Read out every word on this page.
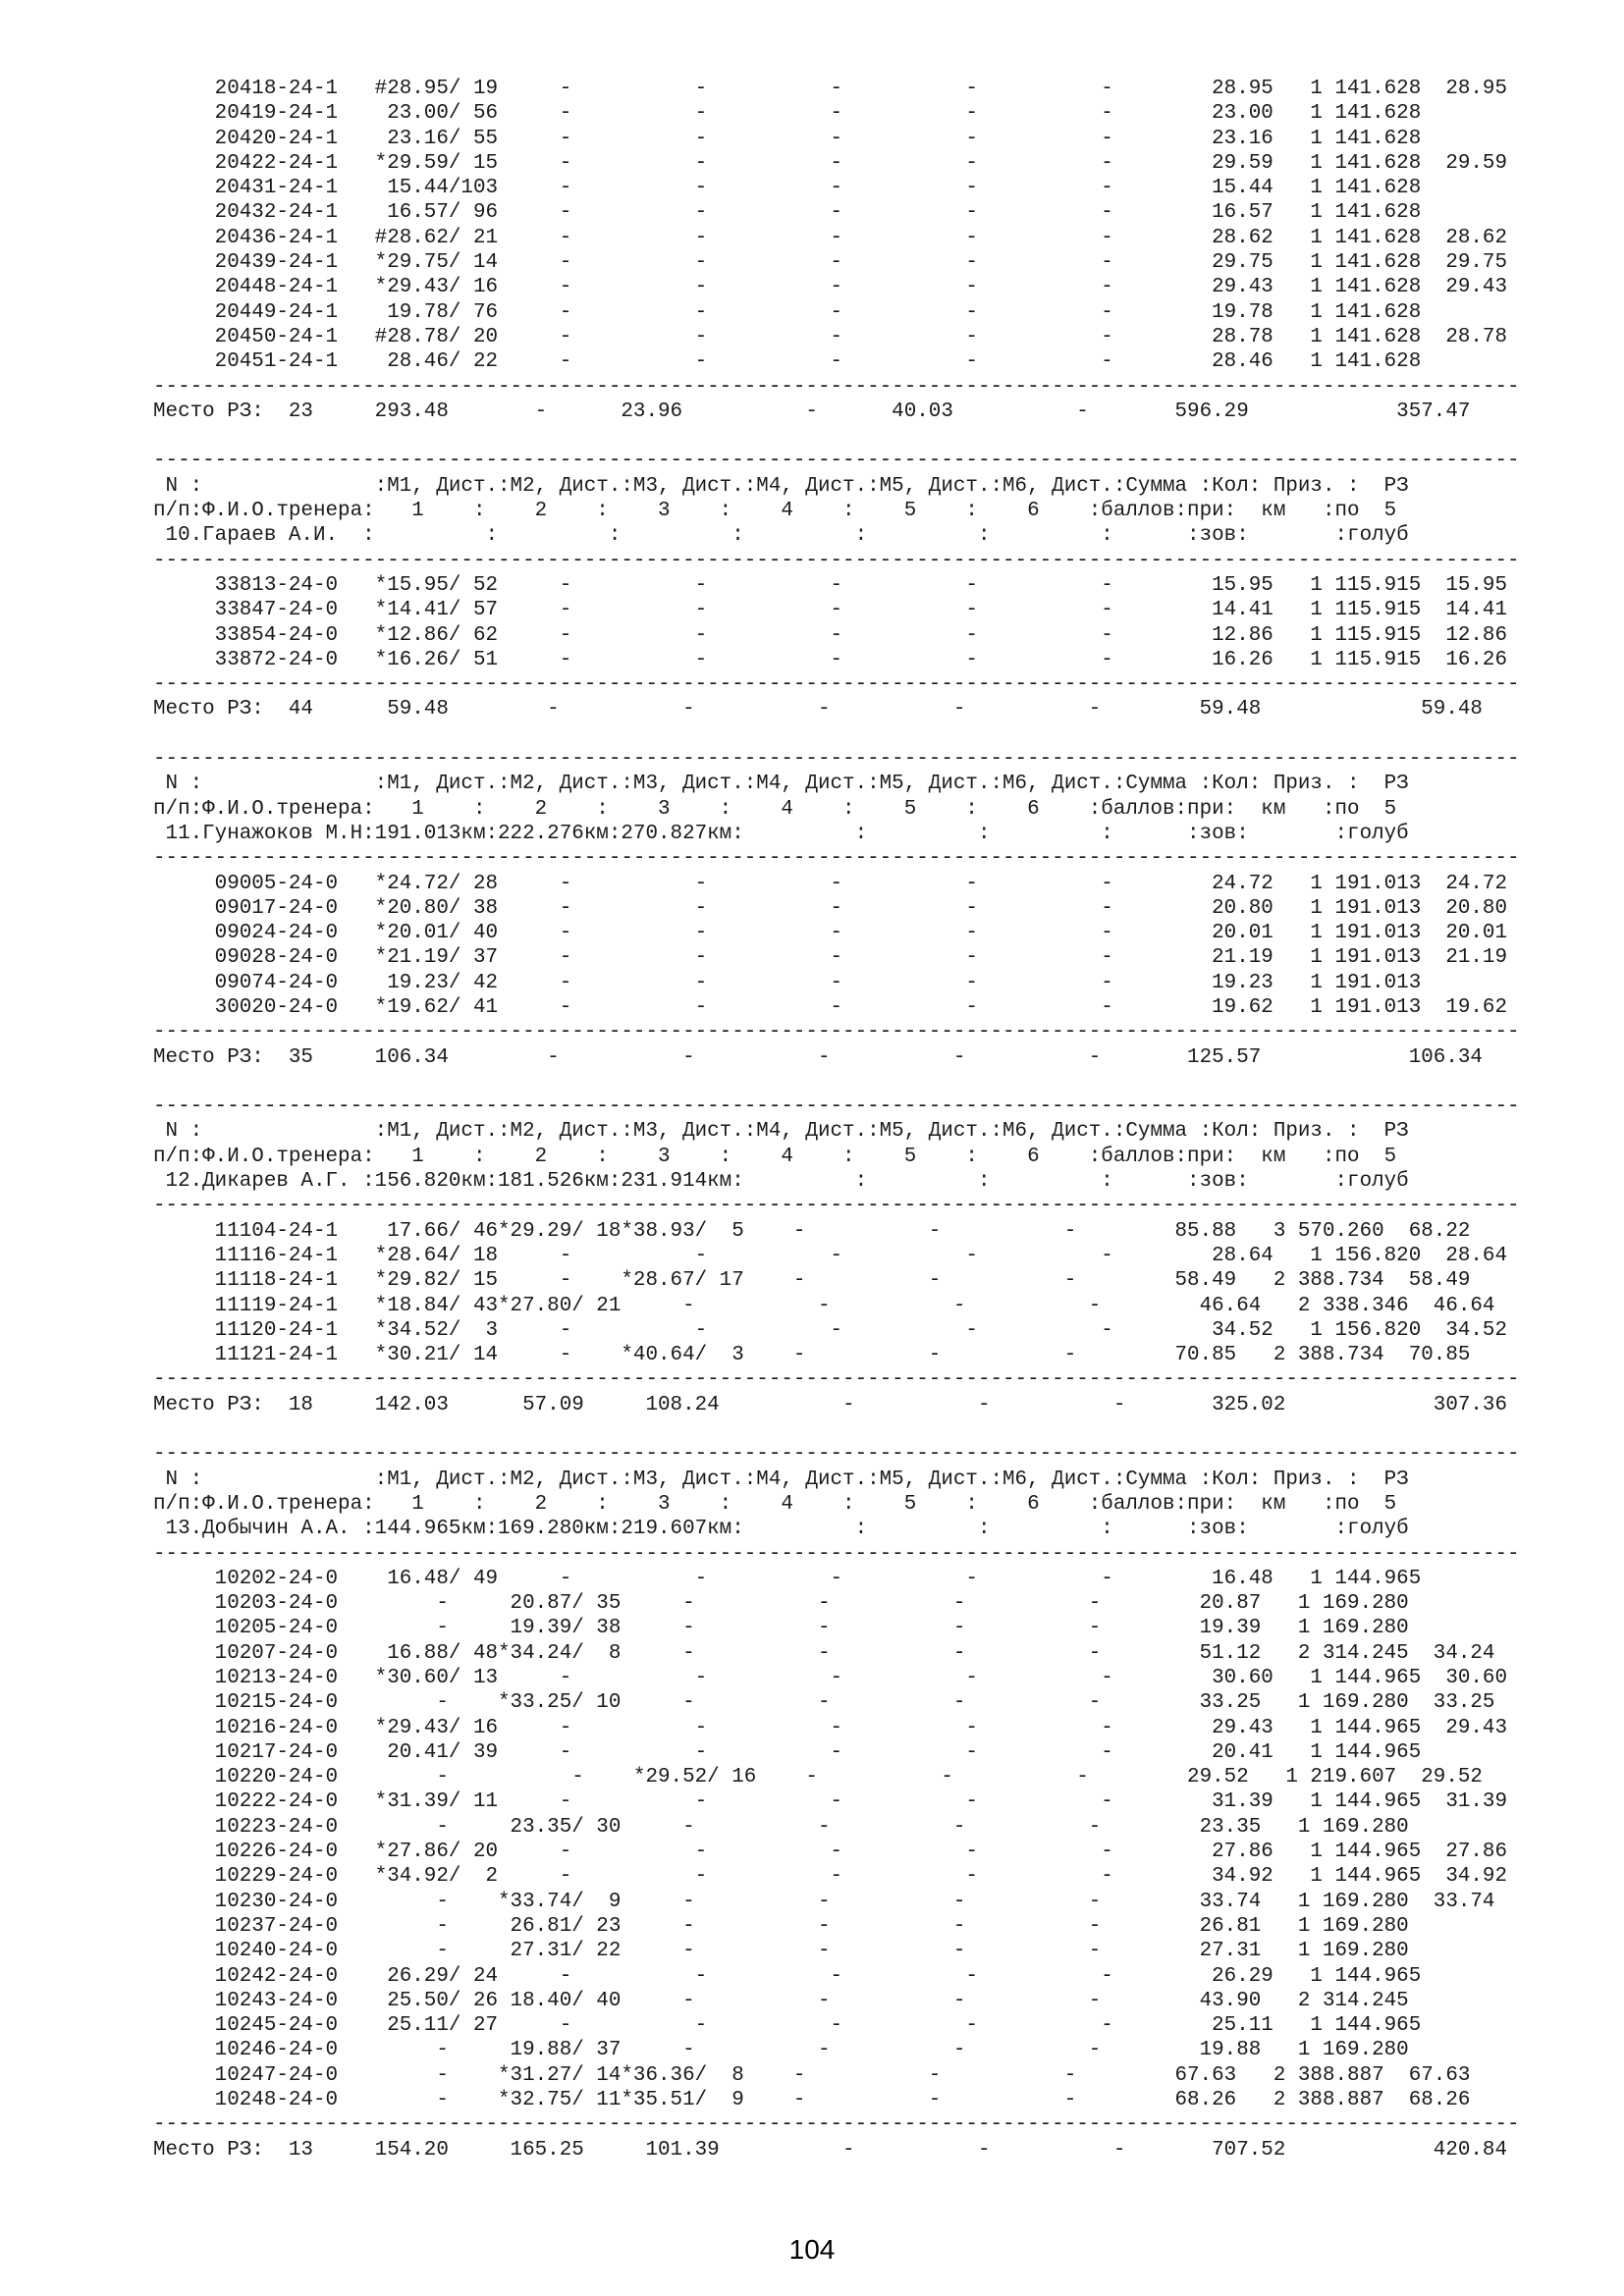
20418-24-1   #28.95/ 19     -          -          -          -          -        28.95   1 141.628  28.95
20419-24-1    23.00/ 56     -          -          -          -          -        23.00   1 141.628
20420-24-1    23.16/ 55     -          -          -          -          -        23.16   1 141.628
20422-24-1   *29.59/ 15     -          -          -          -          -        29.59   1 141.628  29.59
20431-24-1    15.44/103     -          -          -          -          -        15.44   1 141.628
20432-24-1    16.57/ 96     -          -          -          -          -        16.57   1 141.628
20436-24-1   #28.62/ 21     -          -          -          -          -        28.62   1 141.628  28.62
20439-24-1   *29.75/ 14     -          -          -          -          -        29.75   1 141.628  29.75
20448-24-1   *29.43/ 16     -          -          -          -          -        29.43   1 141.628  29.43
20449-24-1    19.78/ 76     -          -          -          -          -        19.78   1 141.628
20450-24-1   #28.78/ 20     -          -          -          -          -        28.78   1 141.628  28.78
20451-24-1    28.46/ 22     -          -          -          -          -        28.46   1 141.628
---------------------------------------------------------------------------------------------------------------
Место РЗ:  23     293.48       -      23.96          -      40.03          -       596.29            357.47
---------------------------------------------------------------------------------------------------------------
N :              :М1, Дист.:М2, Дист.:М3, Дист.:М4, Дист.:М5, Дист.:М6, Дист.:Сумма :Кол: Приз. :  РЗ
п/п:Ф.И.О.тренера:   1    :    2    :    3    :    4    :    5    :    6    :баллов:при:  км   :по  5
10.Гараев А.И.  :         :         :         :         :         :         :      :зов:       :голуб
---------------------------------------------------------------------------------------------------------------
33813-24-0   *15.95/ 52     -          -          -          -          -        15.95   1 115.915  15.95
33847-24-0   *14.41/ 57     -          -          -          -          -        14.41   1 115.915  14.41
33854-24-0   *12.86/ 62     -          -          -          -          -        12.86   1 115.915  12.86
33872-24-0   *16.26/ 51     -          -          -          -          -        16.26   1 115.915  16.26
---------------------------------------------------------------------------------------------------------------
Место РЗ:  44      59.48        -          -          -          -          -        59.48             59.48
---------------------------------------------------------------------------------------------------------------
N :              :М1, Дист.:М2, Дист.:М3, Дист.:М4, Дист.:М5, Дист.:М6, Дист.:Сумма :Кол: Приз. :  РЗ
п/п:Ф.И.О.тренера:   1    :    2    :    3    :    4    :    5    :    6    :баллов:при:  км   :по  5
11.Гунажоков М.Н:191.013км:222.276км:270.827км:         :         :         :      :зов:       :голуб
---------------------------------------------------------------------------------------------------------------
09005-24-0   *24.72/ 28     -          -          -          -          -        24.72   1 191.013  24.72
09017-24-0   *20.80/ 38     -          -          -          -          -        20.80   1 191.013  20.80
09024-24-0   *20.01/ 40     -          -          -          -          -        20.01   1 191.013  20.01
09028-24-0   *21.19/ 37     -          -          -          -          -        21.19   1 191.013  21.19
09074-24-0    19.23/ 42     -          -          -          -          -        19.23   1 191.013
30020-24-0   *19.62/ 41     -          -          -          -          -        19.62   1 191.013  19.62
---------------------------------------------------------------------------------------------------------------
Место РЗ:  35     106.34        -          -          -          -          -       125.57            106.34
---------------------------------------------------------------------------------------------------------------
N :              :М1, Дист.:М2, Дист.:М3, Дист.:М4, Дист.:М5, Дист.:М6, Дист.:Сумма :Кол: Приз. :  РЗ
п/п:Ф.И.О.тренера:   1    :    2    :    3    :    4    :    5    :    6    :баллов:при:  км   :по  5
12.Дикарев А.Г. :156.820км:181.526км:231.914км:         :         :         :      :зов:       :голуб
---------------------------------------------------------------------------------------------------------------
11104-24-1    17.66/ 46*29.29/ 18*38.93/  5    -          -          -        85.88   3 570.260  68.22
11116-24-1   *28.64/ 18     -          -          -          -          -        28.64   1 156.820  28.64
11118-24-1   *29.82/ 15     -    *28.67/ 17    -          -          -        58.49   2 388.734  58.49
11119-24-1   *18.84/ 43*27.80/ 21     -          -          -          -        46.64   2 338.346  46.64
11120-24-1   *34.52/  3     -          -          -          -          -        34.52   1 156.820  34.52
11121-24-1   *30.21/ 14     -    *40.64/  3    -          -          -        70.85   2 388.734  70.85
---------------------------------------------------------------------------------------------------------------
Место РЗ:  18     142.03      57.09     108.24          -          -          -       325.02            307.36
---------------------------------------------------------------------------------------------------------------
N :              :М1, Дист.:М2, Дист.:М3, Дист.:М4, Дист.:М5, Дист.:М6, Дист.:Сумма :Кол: Приз. :  РЗ
п/п:Ф.И.О.тренера:   1    :    2    :    3    :    4    :    5    :    6    :баллов:при:  км   :по  5
13.Добычин А.А. :144.965км:169.280км:219.607км:         :         :         :      :зов:       :голуб
---------------------------------------------------------------------------------------------------------------
10202-24-0    16.48/ 49     -          -          -          -          -        16.48   1 144.965
10203-24-0        -     20.87/ 35     -          -          -          -        20.87   1 169.280
10205-24-0        -     19.39/ 38     -          -          -          -        19.39   1 169.280
10207-24-0    16.88/ 48*34.24/  8     -          -          -          -        51.12   2 314.245  34.24
10213-24-0   *30.60/ 13     -          -          -          -          -        30.60   1 144.965  30.60
10215-24-0        -    *33.25/ 10     -          -          -          -        33.25   1 169.280  33.25
10216-24-0   *29.43/ 16     -          -          -          -          -        29.43   1 144.965  29.43
10217-24-0    20.41/ 39     -          -          -          -          -        20.41   1 144.965
10220-24-0        -          -    *29.52/ 16    -          -          -        29.52   1 219.607  29.52
10222-24-0   *31.39/ 11     -          -          -          -          -        31.39   1 144.965  31.39
10223-24-0        -     23.35/ 30     -          -          -          -        23.35   1 169.280
10226-24-0   *27.86/ 20     -          -          -          -          -        27.86   1 144.965  27.86
10229-24-0   *34.92/  2     -          -          -          -          -        34.92   1 144.965  34.92
10230-24-0        -    *33.74/  9     -          -          -          -        33.74   1 169.280  33.74
10237-24-0        -     26.81/ 23     -          -          -          -        26.81   1 169.280
10240-24-0        -     27.31/ 22     -          -          -          -        27.31   1 169.280
10242-24-0    26.29/ 24     -          -          -          -          -        26.29   1 144.965
10243-24-0    25.50/ 26 18.40/ 40     -          -          -          -        43.90   2 314.245
10245-24-0    25.11/ 27     -          -          -          -          -        25.11   1 144.965
10246-24-0        -     19.88/ 37     -          -          -          -        19.88   1 169.280
10247-24-0        -    *31.27/ 14*36.36/  8    -          -          -        67.63   2 388.887  67.63
10248-24-0        -    *32.75/ 11*35.51/  9    -          -          -        68.26   2 388.887  68.26
---------------------------------------------------------------------------------------------------------------
Место РЗ:  13     154.20     165.25     101.39          -          -          -       707.52            420.84
104
